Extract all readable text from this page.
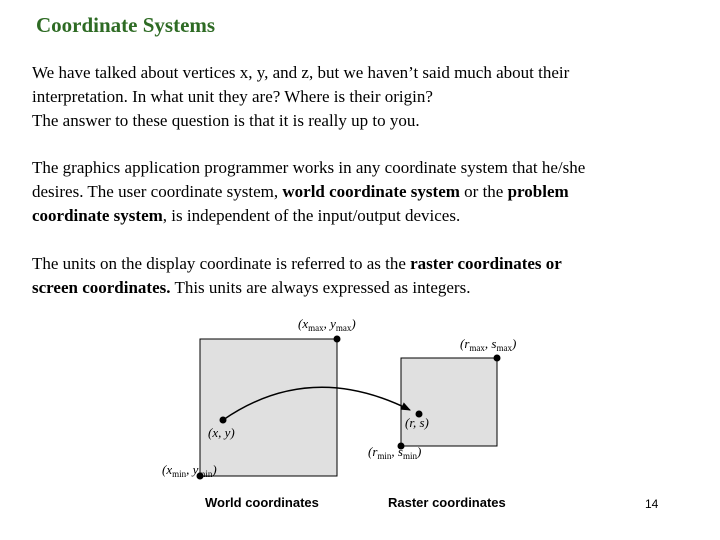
Coordinate Systems

We have talked about vertices x, y, and z, but we haven’t said much about their
interpretation. In what unit they are? Where is their origin?
The answer to these question is that it is really up to you.

The graphics application programmer works in any coordinate system that he/she
desires. The user coordinate system, world coordinate system or the problem
coordinate system, is independent of the input/output devices.

The units on the display coordinate is referred to as the raster coordinates or
screen coordinates. This units are always expressed as integers.

($x_{max}$, $y_{max}$)
($r_{max}$, $s_{max}$)
(x, y)
(r, s)
($r_{min}$, $s_{min}$)
($x_{min}$, $y_{min}$)
World coordinates	Raster coordinates	14
